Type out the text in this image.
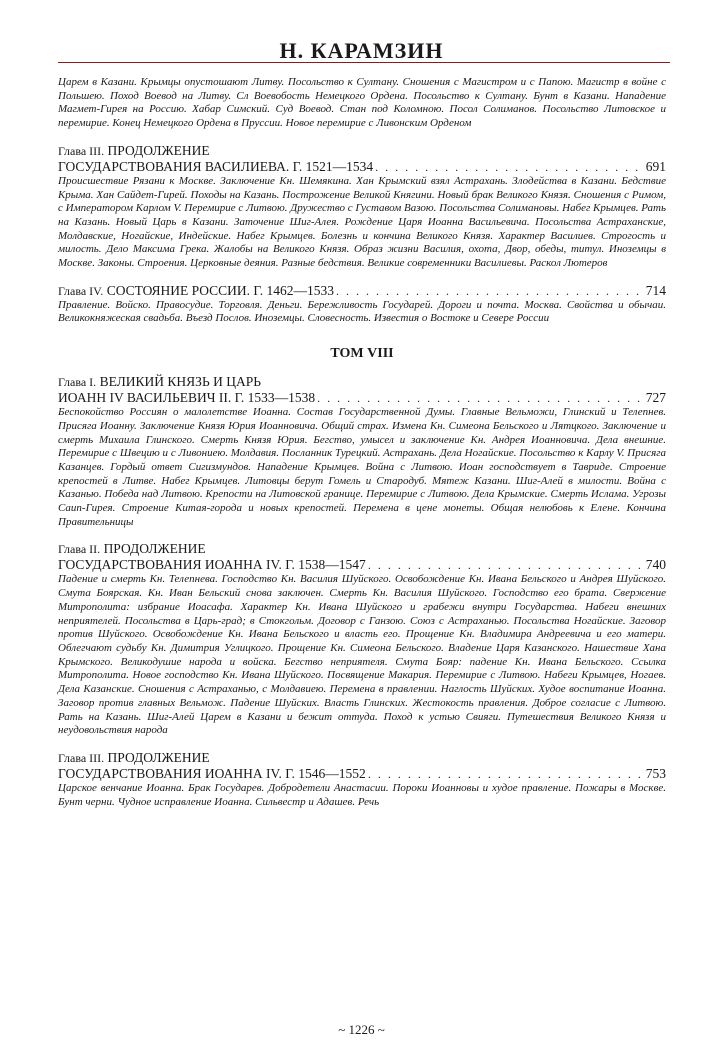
Н. КАРАМЗИН

Царем в Казани. Крымцы опустошают Литву. Посольство к Султану. Сношения с Магистром и с Папою. Магистр в войне с Польшею. Поход Воевод на Литву. Сл Воевобость Немецкого Ордена. Посольство к Султану. Бунт в Казани. Нападение Магмет-Гирея на Россию. Хабар Симский. Суд Воевод. Стан под Коломною. Посол Солиманов. Посольство Литовское и перемирие. Конец Немецкого Ордена в Пруссии. Новое перемирие с Ливонским Орденом

Глава III. ПРОДОЛЖЕНИЕ
ГОСУДАРСТВОВАНИЯ ВАСИЛИЕВА. Г. 1521—1534 . . .	691

Происшествие Рязани к Москве. Заключение Кн. Шемякина. Хан Крымский взял Астрахань. Злодейства в Казани. Бедствие Крыма. Хан Сайдет-Гирей. Походы на Казань. Построжение Великой Княгини. Новый брак Великого Князя. Сношения с Римом, с Императором Карлом V. Перемирие с Литвою. Дружество с Густавом Вазою. Посольства Солимановы. Набег Крымцев. Рать на Казань. Новый Царь в Казани. Заточение Шиг-Алея. Рождение Царя Иоанна Васильевича. Посольства Астраханские, Молдавские, Ногайские, Индейские. Набег Крымцев. Болезнь и кончина Великого Князя. Характер Василиев. Строгость и милость. Дело Максима Грека. Жалобы на Великого Князя. Образ жизни Василия, охота, Двор, обеды, титул. Иноземцы в Москве. Законы. Строения. Церковные деяния. Разные бедствия. Великие современники Василиевы. Раскол Лютеров

Глава IV. СОСТОЯНИЕ РОССИИ. Г. 1462—1533 . . .	714

Правление. Войско. Правосудие. Торговля. Деньги. Бережливость Государей. Дороги и почта. Москва. Свойства и обычаи. Великокняжеская свадьба. Въезд Послов. Иноземцы. Словесность. Известия о Востоке и Севере России

ТОМ VIII
Глава I. ВЕЛИКИЙ КНЯЗЬ И ЦАРЬ
ИОАНН IV ВАСИЛЬЕВИЧ II. Г. 1533—1538 . . .	727

Беспокойство Россиян о малолетстве Иоанна. Состав Государственной Думы. Главные Вельможи, Глинский и Телепнев. Присяга Иоанну. Заключение Князя Юрия Иоанновича. Общий страх. Измена Кн. Симеона Бельского и Лятцкого. Заключение и смерть Михаила Глинского. Смерть Князя Юрия. Бегство, умысел и заключение Кн. Андрея Иоанновича. Дела внешние. Перемирие с Швецию и с Ливониею. Молдавия. Посланник Турецкий. Астрахань. Дела Ногайские. Посольство к Карлу V. Присяга Казанцев. Гордый ответ Сигизмундов. Нападение Крымцев. Война с Литвою. Иоан господствует в Тавриде. Строение крепостей в Литве. Набег Крымцев. Литовцы берут Гомель и Стародуб. Мятеж Казани. Шиг-Алей в милости. Война с Казанью. Победа над Литвою. Крепости на Литовской границе. Перемирие с Литвою. Дела Крымские. Смерть Ислама. Угрозы Саип-Гирея. Строение Китая-города и новых крепостей. Перемена в цене монеты. Общая нелюбовь к Елене. Кончина Правительницы

Глава II. ПРОДОЛЖЕНИЕ
ГОСУДАРСТВОВАНИЯ ИОАННА IV. Г. 1538—1547 . . .	740

Падение и смерть Кн. Телепнева. Господство Кн. Василия Шуйского. Освобождение Кн. Ивана Бельского и Андрея Шуйского. Смута Боярская. Кн. Иван Бельский снова заключен. Смерть Кн. Василия Шуйского. Господство его брата. Свержение Митрополита: избрание Иоасафа. Характер Кн. Ивана Шуйского и грабежи внутри Государства. Набеги внешних неприятелей. Посольства в Царь-град; в Стокгольм. Договор с Ганзою. Союз с Астраханью. Посольства Ногайские. Заговор против Шуйского. Освобождение Кн. Ивана Бельского и власть его. Прощение Кн. Владимира Андреевича и его матери. Облегчают судьбу Кн. Димитрия Углицкого. Прощение Кн. Симеона Бельского. Владение Царя Казанского. Нашествие Хана Крымского. Великодушие народа и войска. Бегство неприятеля. Смута Бояр: падение Кн. Ивана Бельского. Ссылка Митрополита. Новое господство Кн. Ивана Шуйского. Посвящение Макария. Перемирие с Литвою. Набеги Крымцев, Ногаев. Дела Казанские. Сношения с Астраханью, с Молдавиею. Перемена в правлении. Наглость Шуйских. Худое воспитание Иоанна. Заговор против главных Вельмож. Падение Шуйских. Власть Глинских. Жестокость правления. Доброе согласие с Литвою. Рать на Казань. Шиг-Алей Царем в Казани и бежит оттуда. Поход к устью Свияги. Путешествия Великого Князя и неудовольствия народа

Глава III. ПРОДОЛЖЕНИЕ
ГОСУДАРСТВОВАНИЯ ИОАННА IV. Г. 1546—1552 . . .	753

Царское венчание Иоанна. Брак Государев. Добродетели Анастасии. Пороки Иоанновы и худое правление. Пожары в Москве. Бунт черни. Чудное исправление Иоанна. Сильвестр и Адашев. Речь

~ 1226 ~
